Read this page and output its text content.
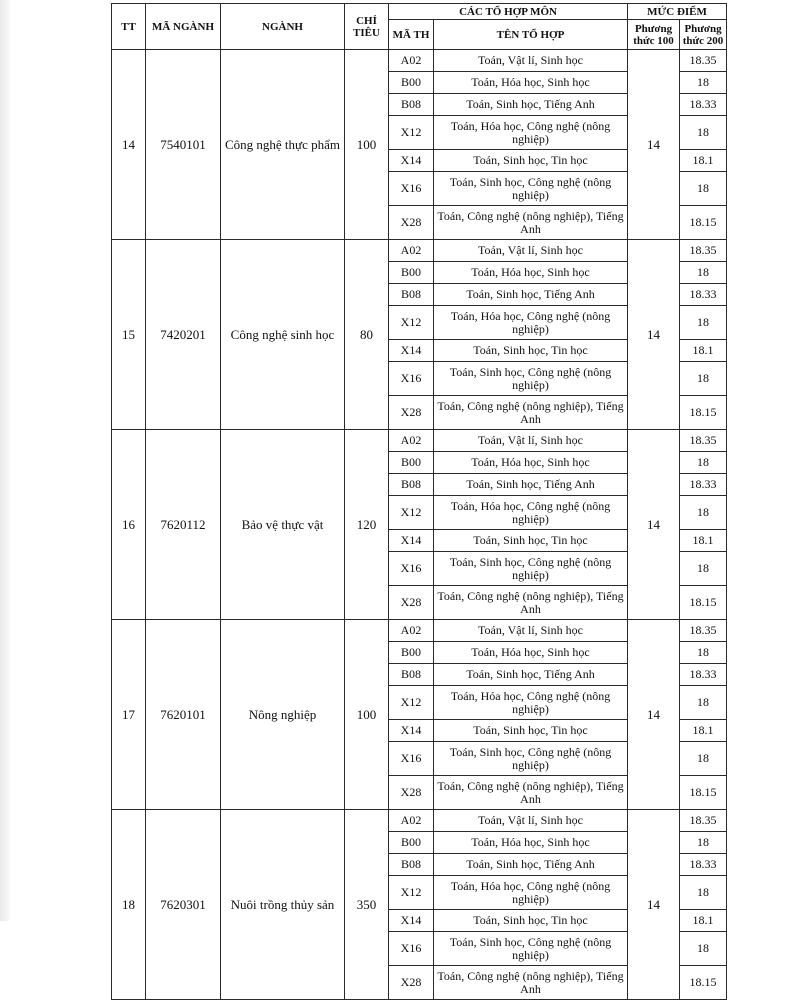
TT	MÃ NGÀNH	NGÀNH	CHỈ TIÊU	CÁC TỔ HỢP MÔN		MỨC ĐIỂM	
				MÃ TH	TÊN TỔ HỢP	Phương thức 100	Phương thức 200
14	7540101	Công nghệ thực phẩm	100	A02	Toán, Vật lí, Sinh học	14	18.35
				B00	Toán, Hóa học, Sinh học		18
				B08	Toán, Sinh học, Tiếng Anh		18.33
				X12	Toán, Hóa học, Công nghệ (nông nghiệp)		18
				X14	Toán, Sinh học, Tin học		18.1
				X16	Toán, Sinh học, Công nghệ (nông nghiệp)		18
				X28	Toán, Công nghệ (nông nghiệp), Tiếng Anh		18.15
15	7420201	Công nghệ sinh học	80	A02	Toán, Vật lí, Sinh học	14	18.35
				B00	Toán, Hóa học, Sinh học		18
				B08	Toán, Sinh học, Tiếng Anh		18.33
				X12	Toán, Hóa học, Công nghệ (nông nghiệp)		18
				X14	Toán, Sinh học, Tin học		18.1
				X16	Toán, Sinh học, Công nghệ (nông nghiệp)		18
				X28	Toán, Công nghệ (nông nghiệp), Tiếng Anh		18.15
16	7620112	Bảo vệ thực vật	120	A02	Toán, Vật lí, Sinh học	14	18.35
				B00	Toán, Hóa học, Sinh học		18
				B08	Toán, Sinh học, Tiếng Anh		18.33
				X12	Toán, Hóa học, Công nghệ (nông nghiệp)		18
				X14	Toán, Sinh học, Tin học		18.1
				X16	Toán, Sinh học, Công nghệ (nông nghiệp)		18
				X28	Toán, Công nghệ (nông nghiệp), Tiếng Anh		18.15
17	7620101	Nông nghiệp	100	A02	Toán, Vật lí, Sinh học	14	18.35
				B00	Toán, Hóa học, Sinh học		18
				B08	Toán, Sinh học, Tiếng Anh		18.33
				X12	Toán, Hóa học, Công nghệ (nông nghiệp)		18
				X14	Toán, Sinh học, Tin học		18.1
				X16	Toán, Sinh học, Công nghệ (nông nghiệp)		18
				X28	Toán, Công nghệ (nông nghiệp), Tiếng Anh		18.15
18	7620301	Nuôi trồng thủy sản	350	A02	Toán, Vật lí, Sinh học	14	18.35
				B00	Toán, Hóa học, Sinh học		18
				B08	Toán, Sinh học, Tiếng Anh		18.33
				X12	Toán, Hóa học, Công nghệ (nông nghiệp)		18
				X14	Toán, Sinh học, Tin học		18.1
				X16	Toán, Sinh học, Công nghệ (nông nghiệp)		18
				X28	Toán, Công nghệ (nông nghiệp), Tiếng Anh		18.15
